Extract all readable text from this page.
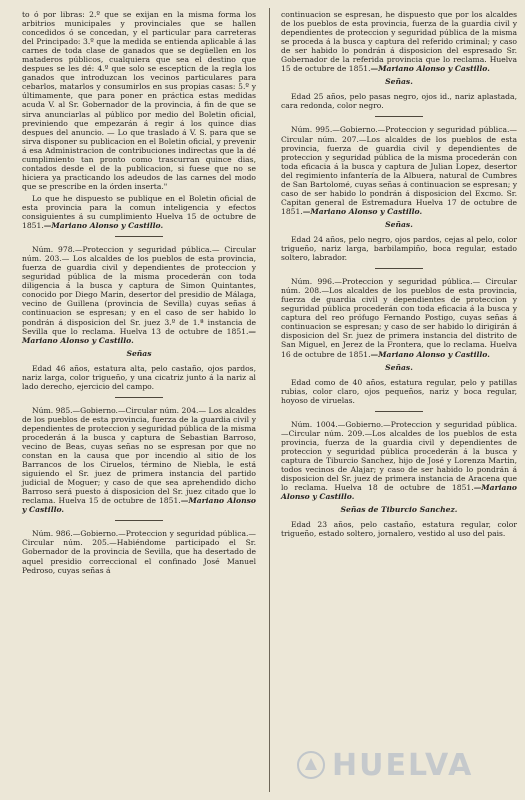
to ó por libras: 2.º que se exijan en la misma forma los arbitrios municipales y provinciales que se hallen concedidos ó se concedan, y el particular para carreteras del Principado: 3.º que la medida se entienda aplicable á las carnes de toda clase de ganados que se degüellen en los mataderos públicos, cualquiera que sea el destino que despues se les dé: 4.º que solo se escepticn de la regla los ganados que introduzcan los vecinos particulares para cebarlos, matarlos y consumirlos en sus propias casas: 5.º y últimamente, que para poner en práctica estas medidas acuda V. al Sr. Gobernador de la provincia, á fin de que se sirva anunciarlas al público por medio del Boletin oficial, previniendo que empezarán á regir á los quince dias despues del anuncio. — Lo que traslado á V. S. para que se sirva disponer su publicacion en el Boletin oficial, y prevenir á esa Administracion de contribuciones indirectas que la dé cumplimiento tan pronto como trascurran quince dias, contados desde el de la publicacion, si fuese que no se hiciera ya practicando los adeudos de las carnes del modo que se prescribe en la órden inserta."

Lo que he dispuesto se publique en el Boletin oficial de esta provincia para la comun inteligencia y efectos consiguientes á su cumplimiento Huelva 15 de octubre de 1851.—Mariano Alonso y Castillo.

Núm. 978.—Proteccion y seguridad pública.— Circular núm. 203.— Los alcaldes de los pueblos de esta provincia, fuerza de guardia civil y dependientes de proteccion y seguridad pública de la misma procederán con toda diligencia á la busca y captura de Simon Quintantes, conocido por Diego Marin, desertor del presidio de Málaga, vecino de Guillena (provincia de Sevilla) cuyas señas á continuacion se espresan; y en el caso de ser habido lo pondrán á disposicion del Sr. juez 3.º de 1.ª instancia de Sevilla que lo reclama. Huelva 13 de octubre de 1851.—Mariano Alonso y Castillo.

Señas

Edad 46 años, estatura alta, pelo castaño, ojos pardos, nariz larga, color trigueño, y una cicatriz junto á la nariz al lado derecho, ejercicio del campo.

Núm. 985.—Gobierno.—Circular núm. 204.— Los alcaldes de los pueblos de esta provincia, fuerza de la guardia civil y dependientes de proteccion y seguridad pública de la misma procederán á la busca y captura de Sebastian Barroso, vecino de Beas, cuyas señas no se espresan por que no constan en la causa que por incendio al sitio de los Barrancos de los Ciruelos, término de Niebla, le está siguiendo el Sr. juez de primera instancia del partido judicial de Moguer; y caso de que sea aprehendido dicho Barroso será puesto á disposicion del Sr. juez citado que lo reclama. Huelva 15 de octubre de 1851.—Mariano Alonso y Castillo.

Núm. 986.—Gobierno.—Proteccion y seguridad pública.—Circular núm. 205.—Habiéndome participado el Sr. Gobernador de la provincia de Sevilla, que ha desertado de aquel presidio correccional el confinado José Manuel Pedroso, cuyas señas á

continuacion se espresan, he dispuesto que por los alcaldes de los pueblos de esta provincia, fuerza de la guardia civil y dependientes de proteccion y seguridad pública de la misma se proceda á la busca y captura del referido criminal; y caso de ser habido lo pondrán á disposicion del espresado Sr. Gobernador de la referida provincia que lo reclama. Huelva 15 de octubre de 1851.—Mariano Alonso y Castillo.

Señas.

Edad 25 años, pelo pasas negro, ojos id., nariz aplastada, cara redonda, color negro.

Núm. 995.—Gobierno.—Proteccion y seguridad pública.—Circular núm. 207.—Los alcaldes de los pueblos de esta provincia, fuerza de guardia civil y dependientes de proteccion y seguridad pública de la misma procederán con toda eficacia á la busca y captura de Julian Lopez, desertor del regimiento infantería de la Albuera, natural de Cumbres de San Bartolomé, cuyas señas á continuacion se espresan; y caso de ser habido lo pondrán á disposicion del Excmo. Sr. Capitan general de Estremadura Huelva 17 de octubre de 1851.—Mariano Alonso y Castillo.

Señas.

Edad 24 años, pelo negro, ojos pardos, cejas al pelo, color trigueño, nariz larga, barbilampiño, boca regular, estado soltero, labrador.

Núm. 996.—Proteccion y seguridad pública.— Circular núm. 208.—Los alcaldes de los pueblos de esta provincia, fuerza de guardia civil y dependientes de proteccion y seguridad pública procederán con toda eficacia á la busca y captura del reo prófugo Fernando Postigo, cuyas señas á continuacion se espresan; y caso de ser habido lo dirigirán á disposicion del Sr. juez de primera instancia del distrito de San Miguel, en Jerez de la Frontera, que lo reclama. Huelva 16 de octubre de 1851.—Mariano Alonso y Castillo.

Señas.

Edad como de 40 años, estatura regular, pelo y patillas rubias, color claro, ojos pequeños, nariz y boca regular, hoyoso de viruelas.

Núm. 1004.—Gobierno.—Proteccion y seguridad pública.—Circular núm. 209.—Los alcaldes de los pueblos de esta provincia, fuerza de la guardia civil y dependientes de proteccion y seguridad pública procederán á la busca y captura de Tiburcio Sanchez, hijo de José y Lorenza Martin, todos vecinos de Alajar; y caso de ser habido lo pondrán á disposicion del Sr. juez de primera instancia de Aracena que lo reclama. Huelva 18 de octubre de 1851.—Mariano Alonso y Castillo.

Señas de Tiburcio Sanchez.

Edad 23 años, pelo castaño, estatura regular, color trigueño, estado soltero, jornalero, vestido al uso del pais.

HUELVA
